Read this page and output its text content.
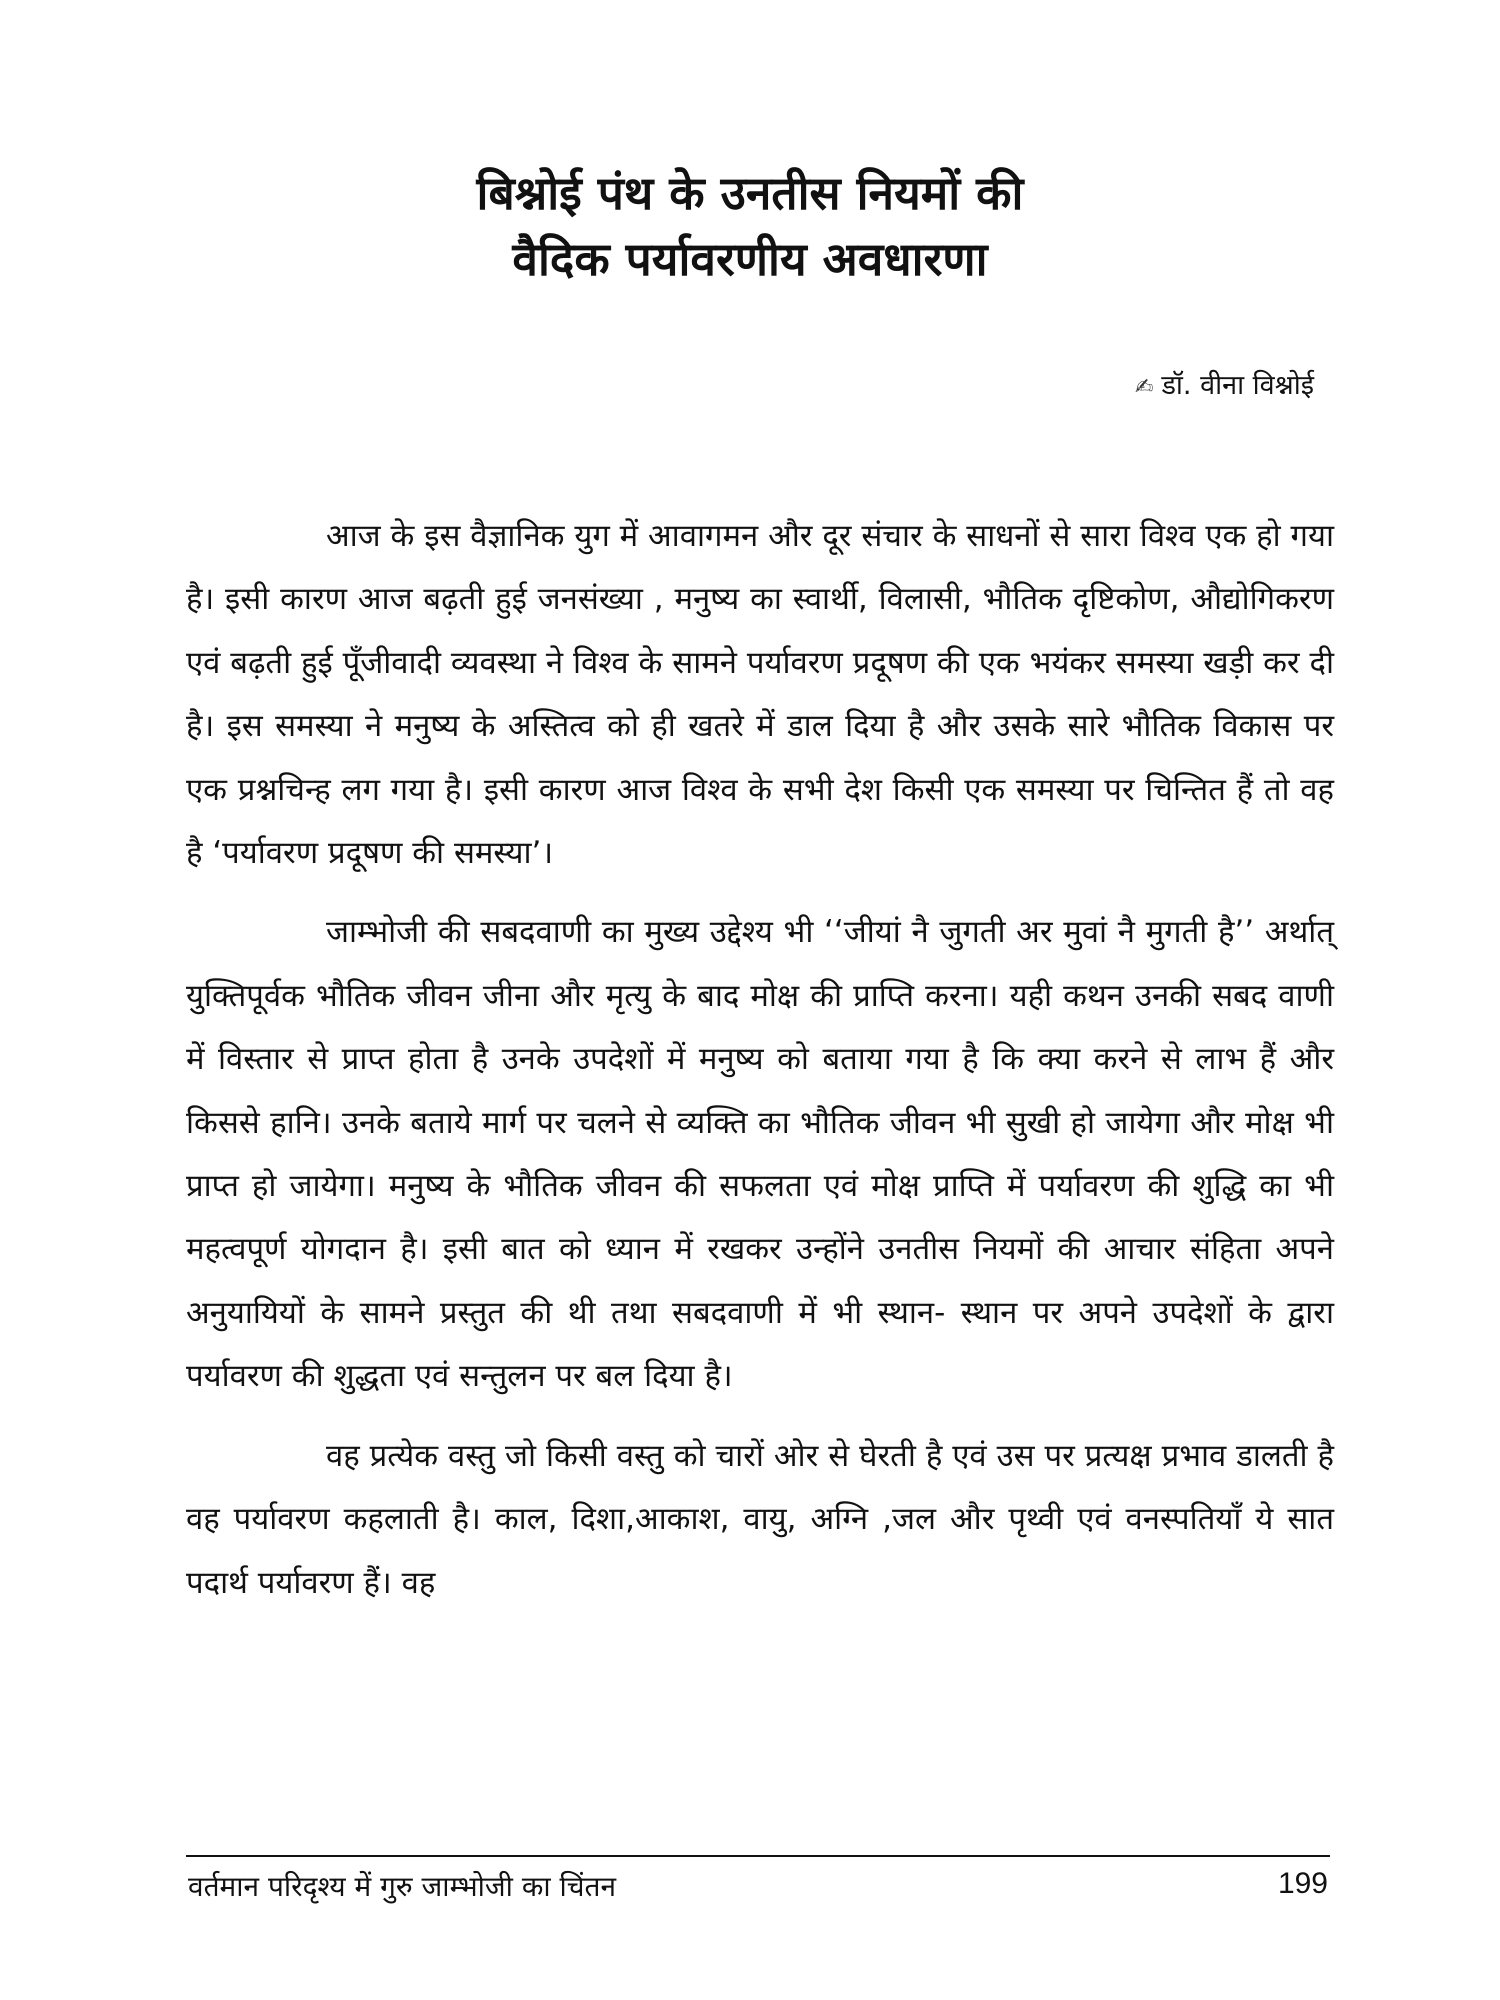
बिश्नोई पंथ के उनतीस नियमों की
वैदिक पर्यावरणीय अवधारणा
✍ डॉ. वीना विश्नोई

आज के इस वैज्ञानिक युग में आवागमन और दूर संचार के साधनों से सारा विश्व एक हो गया है। इसी कारण आज बढ़ती हुई जनसंख्या , मनुष्य का स्वार्थी, विलासी, भौतिक दृष्टिकोण, औद्योगिकरण एवं बढ़ती हुई पूँजीवादी व्यवस्था ने विश्व के सामने पर्यावरण प्रदूषण की एक भयंकर समस्या खड़ी कर दी है। इस समस्या ने मनुष्य के अस्तित्व को ही खतरे में डाल दिया है और उसके सारे भौतिक विकास पर एक प्रश्नचिन्ह लग गया है। इसी कारण आज विश्व के सभी देश किसी एक समस्या पर चिन्तित हैं तो वह है ‘पर्यावरण प्रदूषण की समस्या’।

जाम्भोजी की सबदवाणी का मुख्य उद्देश्य भी ‘‘जीयां नै जुगती अर मुवां नै मुगती है’’ अर्थात् युक्तिपूर्वक भौतिक जीवन जीना और मृत्यु के बाद मोक्ष की प्राप्ति करना। यही कथन उनकी सबद वाणी में विस्तार से प्राप्त होता है उनके उपदेशों में मनुष्य को बताया गया है कि क्या करने से लाभ हैं और किससे हानि। उनके बताये मार्ग पर चलने से व्यक्ति का भौतिक जीवन भी सुखी हो जायेगा और मोक्ष भी प्राप्त हो जायेगा। मनुष्य के भौतिक जीवन की सफलता एवं मोक्ष प्राप्ति में पर्यावरण की शुद्धि का भी महत्वपूर्ण योगदान है। इसी बात को ध्यान में रखकर उन्होंने उनतीस नियमों की आचार संहिता अपने अनुयायियों के सामने प्रस्तुत की थी तथा सबदवाणी में भी स्थान- स्थान पर अपने उपदेशों के द्वारा पर्यावरण की शुद्धता एवं सन्तुलन पर बल दिया है।

वह प्रत्येक वस्तु जो किसी वस्तु को चारों ओर से घेरती है एवं उस पर प्रत्यक्ष प्रभाव डालती है वह पर्यावरण कहलाती है। काल, दिशा,आकाश, वायु, अग्नि ,जल और पृथ्वी एवं वनस्पतियाँ ये सात पदार्थ पर्यावरण हैं। वह

वर्तमान परिदृश्य में गुरु जाम्भोजी का चिंतन	199
